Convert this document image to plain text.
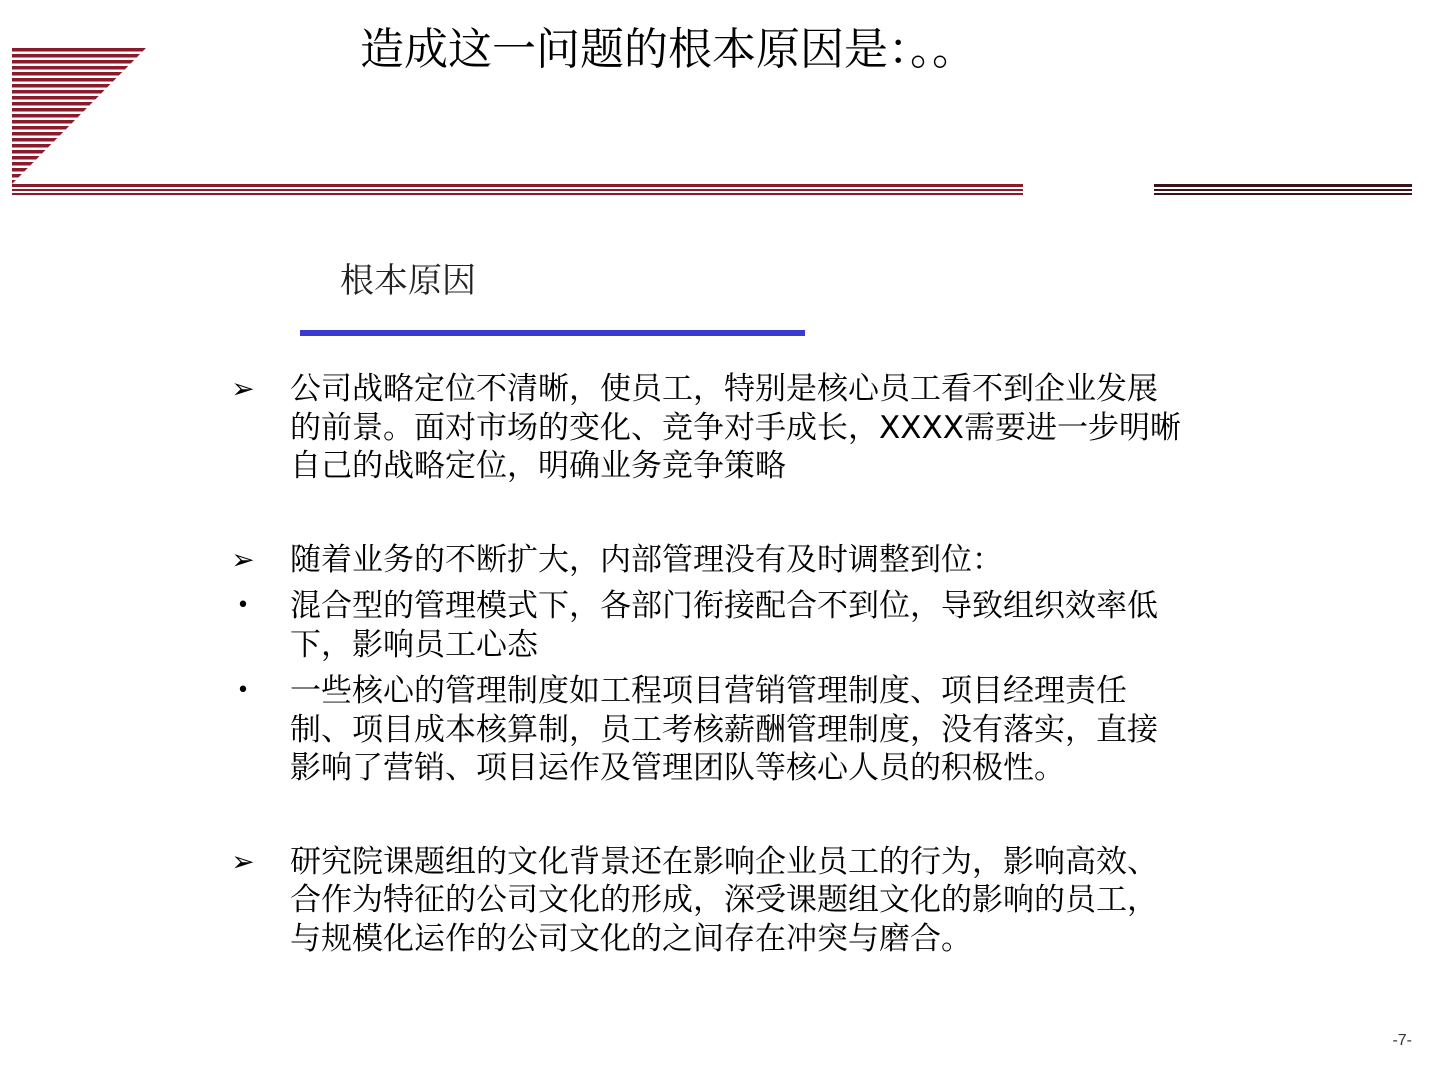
造成这一问题的根本原因是：。。
根本原因
➢ 公司战略定位不清晰，使员工，特别是核心员工看不到企业发展的前景。面对市场的变化、竞争对手成长，XXXX需要进一步明晰自己的战略定位，明确业务竞争策略
➢ 随着业务的不断扩大，内部管理没有及时调整到位：
• 混合型的管理模式下，各部门衔接配合不到位，导致组织效率低下，影响员工心态
• 一些核心的管理制度如工程项目营销管理制度、项目经理责任制、项目成本核算制，员工考核薪酬管理制度，没有落实，直接影响了营销、项目运作及管理团队等核心人员的积极性。
➢ 研究院课题组的文化背景还在影响企业员工的行为，影响高效、合作为特征的公司文化的形成，深受课题组文化的影响的员工，与规模化运作的公司文化的之间存在冲突与磨合。
-7-
